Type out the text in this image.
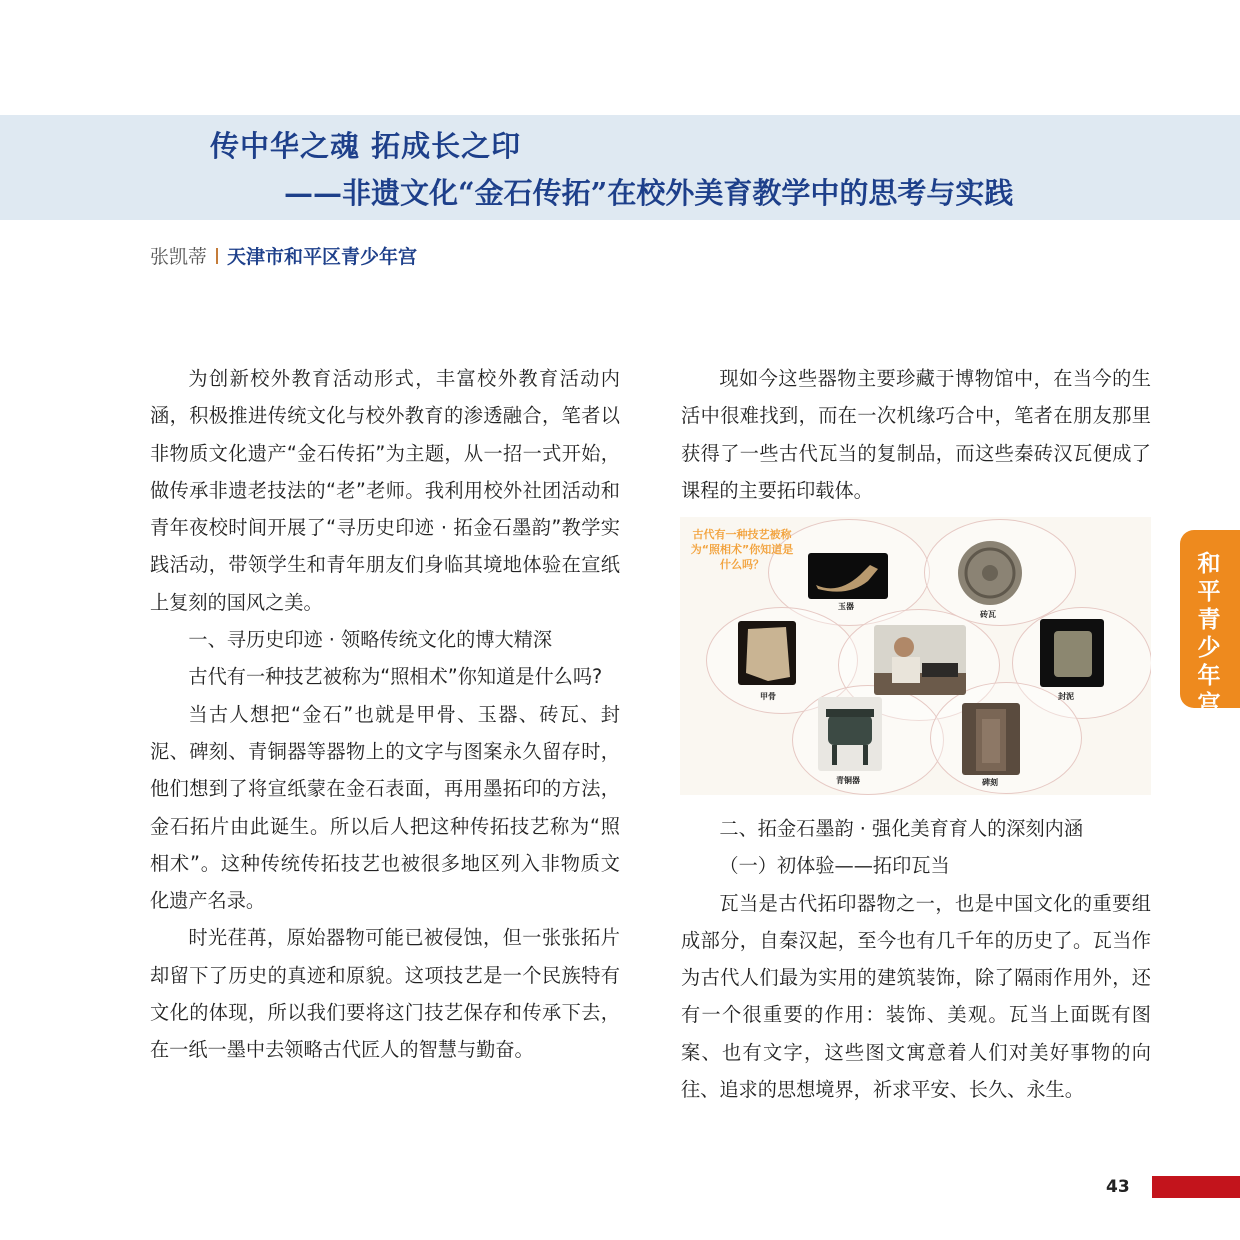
传中华之魂 拓成长之印
——非遗文化“金石传拓”在校外美育教学中的思考与实践
张凯蒂 天津市和平区青少年宫

为创新校外教育活动形式，丰富校外教育活动内涵，积极推进传统文化与校外教育的渗透融合，笔者以非物质文化遗产“金石传拓”为主题，从一招一式开始，做传承非遗老技法的“老”老师。我利用校外社团活动和青年夜校时间开展了“寻历史印迹 · 拓金石墨韵”教学实践活动，带领学生和青年朋友们身临其境地体验在宣纸上复刻的国风之美。

一、寻历史印迹 · 领略传统文化的博大精深

古代有一种技艺被称为“照相术”你知道是什么吗?

当古人想把“金石”也就是甲骨、玉器、砖瓦、封泥、碑刻、青铜器等器物上的文字与图案永久留存时，他们想到了将宣纸蒙在金石表面，再用墨拓印的方法，金石拓片由此诞生。所以后人把这种传拓技艺称为“照相术”。这种传统传拓技艺也被很多地区列入非物质文化遗产名录。

时光荏苒，原始器物可能已被侵蚀，但一张张拓片却留下了历史的真迹和原貌。这项技艺是一个民族特有文化的体现，所以我们要将这门技艺保存和传承下去，在一纸一墨中去领略古代匠人的智慧与勤奋。

现如今这些器物主要珍藏于博物馆中，在当今的生活中很难找到，而在一次机缘巧合中，笔者在朋友那里获得了一些古代瓦当的复制品，而这些秦砖汉瓦便成了课程的主要拓印载体。

古代有一种技艺被称为“照相术”你知道是什么吗？
玉器
砖瓦
甲骨	封泥
青铜器	碑刻

二、拓金石墨韵 · 强化美育育人的深刻内涵

（一）初体验——拓印瓦当

瓦当是古代拓印器物之一，也是中国文化的重要组成部分，自秦汉起，至今也有几千年的历史了。瓦当作为古代人们最为实用的建筑装饰，除了隔雨作用外，还有一个很重要的作用：装饰、美观。瓦当上面既有图案、也有文字，这些图文寓意着人们对美好事物的向往、追求的思想境界，祈求平安、长久、永生。

和平青少年宫
43
